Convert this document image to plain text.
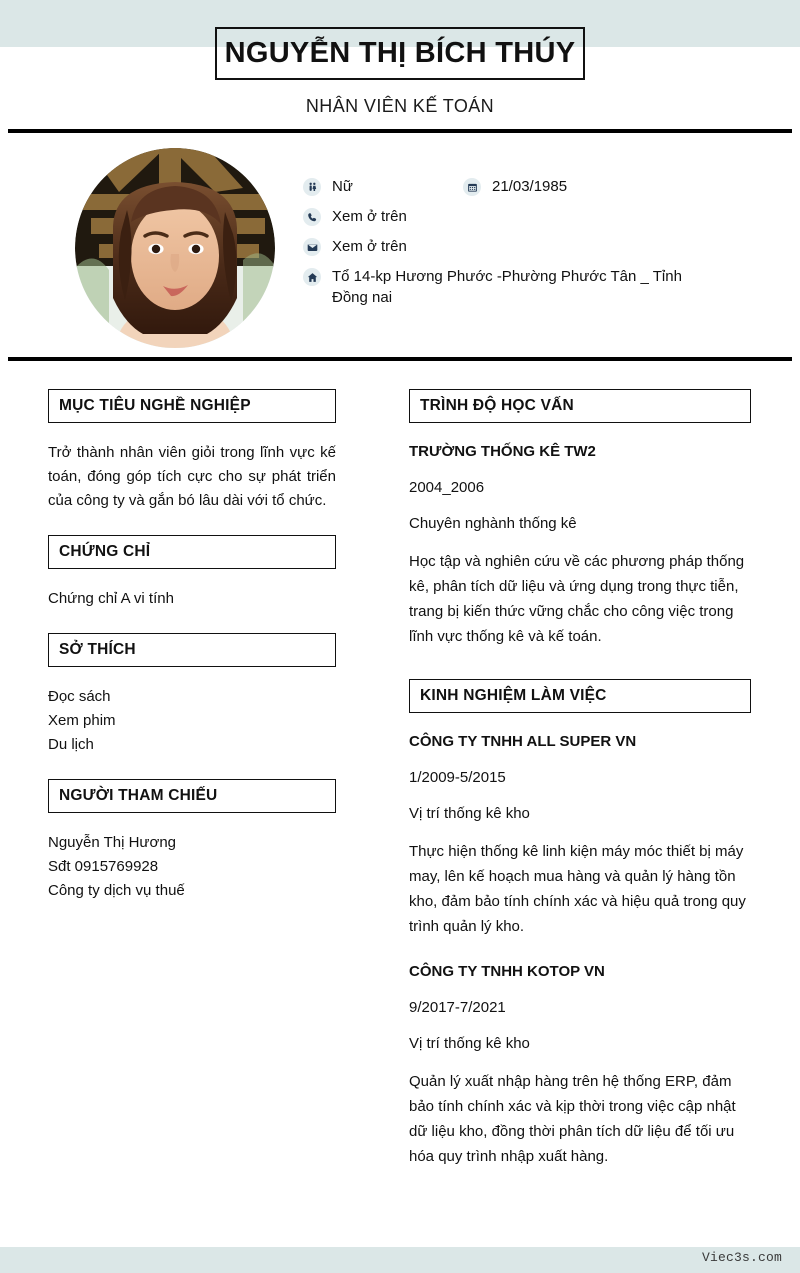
NGUYỄN THỊ BÍCH THÚY
NHÂN VIÊN KẾ TOÁN
Nữ	21/03/1985
Xem ở trên
Xem ở trên
Tổ 14-kp Hương Phước -Phường Phước Tân _ Tỉnh Đồng nai
MỤC TIÊU NGHỀ NGHIỆP
Trở thành nhân viên giỏi trong lĩnh vực kế toán, đóng góp tích cực cho sự phát triển của công ty và gắn bó lâu dài với tổ chức.
CHỨNG CHỈ
Chứng chỉ A vi tính
SỞ THÍCH
Đọc sách
Xem phim
Du lịch
NGƯỜI THAM CHIẾU
Nguyễn Thị Hương
Sđt 0915769928
Công ty dịch vụ thuế
TRÌNH ĐỘ HỌC VẤN
TRƯỜNG THỐNG KÊ TW2
2004_2006
Chuyên nghành thống kê
Học tập và nghiên cứu về các phương pháp thống kê, phân tích dữ liệu và ứng dụng trong thực tiễn, trang bị kiến thức vững chắc cho công việc trong lĩnh vực thống kê và kế toán.
KINH NGHIỆM LÀM VIỆC
CÔNG TY TNHH ALL SUPER VN
1/2009-5/2015
Vị trí thống kê kho
Thực hiện thống kê linh kiện máy móc thiết bị máy may, lên kế hoạch mua hàng và quản lý hàng tồn kho, đảm bảo tính chính xác và hiệu quả trong quy trình quản lý kho.
CÔNG TY TNHH KOTOP VN
9/2017-7/2021
Vị trí thống kê kho
Quản lý xuất nhập hàng trên hệ thống ERP, đảm bảo tính chính xác và kịp thời trong việc cập nhật dữ liệu kho, đồng thời phân tích dữ liệu để tối ưu hóa quy trình nhập xuất hàng.
Viec3s.com
